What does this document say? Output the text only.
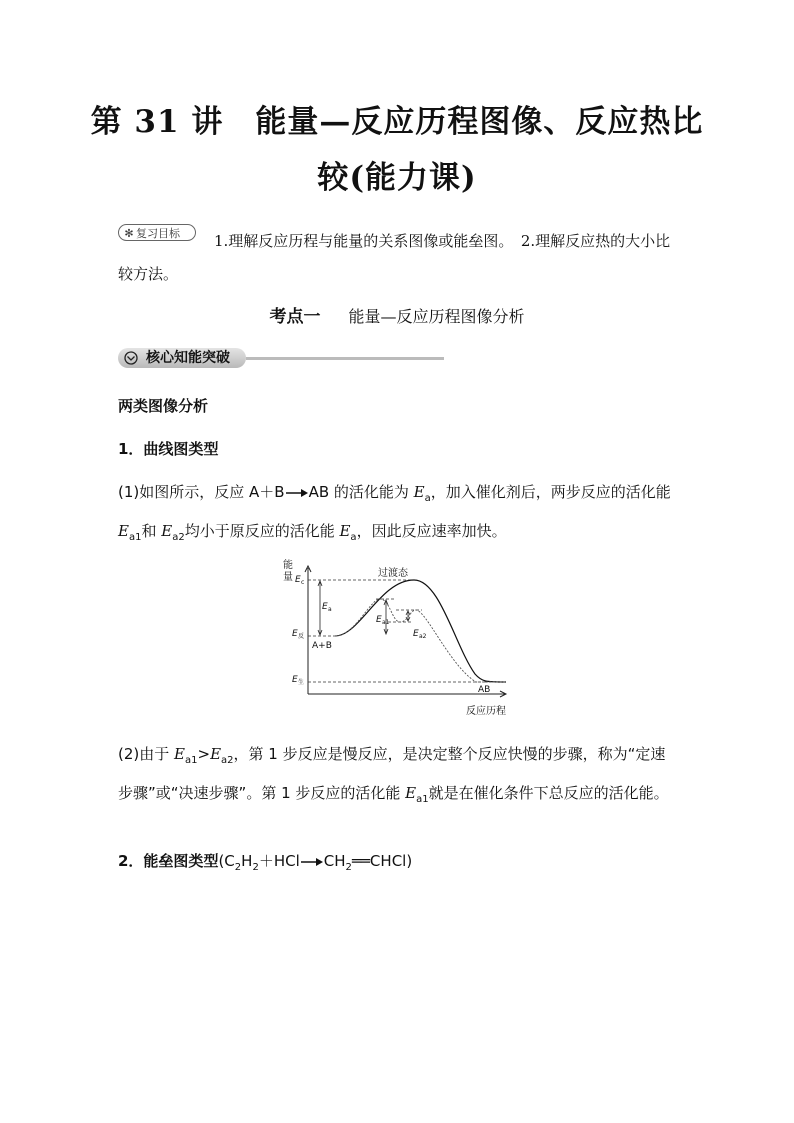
第 31 讲　能量—反应历程图像、反应热比
较(能力课)
1.理解反应历程与能量的关系图像或能垒图。　2.理解反应热的大小比较方法。
✻ 复习目标
考点一 能量—反应历程图像分析
核心知能突破
两类图像分析
1．曲线图类型
(1)如图所示，反应 A＋B→AB 的活化能为 $E_a$，加入催化剂后，两步反应的活化能 $E_{a1}$和 $E_{a2}$均小于原反应的活化能 $E_a$，因此反应速率加快。
能
量 E c
E a
E a1
E a2
E 反
E 生
过渡态
A+B
AB
反应历程
(2)由于 $E_{a1}>E_{a2}$，第 1 步反应是慢反应，是决定整个反应快慢的步骤，称为“定速步骤”或“决速步骤”。第 1 步反应的活化能 $E_{a1}$就是在催化条件下总反应的活化能。
2．能垒图类型$(C_2H_2+HCl\to CH_2══CHCl)$
